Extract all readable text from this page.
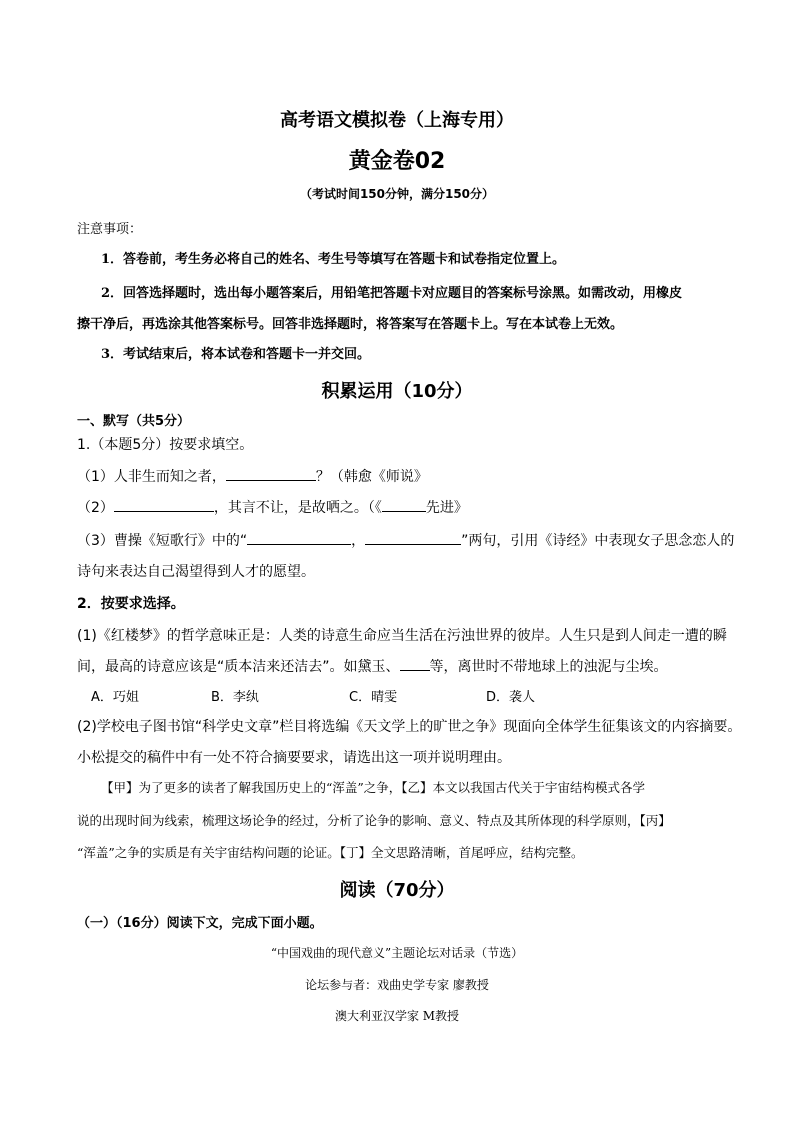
高考语文模拟卷（上海专用）
黄金卷02
（考试时间150分钟，满分150分）
注意事项：
1．答卷前，考生务必将自己的姓名、考生号等填写在答题卡和试卷指定位置上。
2．回答选择题时，选出每小题答案后，用铅笔把答题卡对应题目的答案标号涂黑。如需改动，用橡皮
擦干净后，再选涂其他答案标号。回答非选择题时，将答案写在答题卡上。写在本试卷上无效。
3．考试结束后，将本试卷和答题卡一并交回。
积累运用（10分）
一、默写（共5分）
1.（本题5分）按要求填空。
（1）人非生而知之者，	？（韩愈《师说》
（2）	，其言不让，是故哂之。（《	先进》
（3）曹操《短歌行》中的“	，	”两句，引用《诗经》中表现女子思念恋人的
诗句来表达自己渴望得到人才的愿望。
2．按要求选择。
(1)《红楼梦》的哲学意味正是：人类的诗意生命应当生活在污浊世界的彼岸。人生只是到人间走一遭的瞬
间，最高的诗意应该是“质本洁来还洁去”。如黛玉、 等，离世时不带地球上的浊泥与尘埃。
A．巧姐	B．李纨	C．晴雯	D．袭人
(2)学校电子图书馆“科学史文章”栏目将选编《天文学上的旷世之争》现面向全体学生征集该文的内容摘要。
小松提交的稿件中有一处不符合摘要要求，请选出这一项并说明理由。
【甲】为了更多的读者了解我国历史上的“浑盖”之争，【乙】本文以我国古代关于宇宙结构模式各学
说的出现时间为线索，梳理这场论争的经过，分析了论争的影响、意义、特点及其所体现的科学原则，【丙】
“浑盖”之争的实质是有关宇宙结构问题的论证。【丁】全文思路清晰，首尾呼应，结构完整。
阅读（70分）
（一）（16分）阅读下文，完成下面小题。
“中国戏曲的现代意义”主题论坛对话录（节选）
论坛参与者：戏曲史学专家 廖教授
澳大利亚汉学家 M教授
